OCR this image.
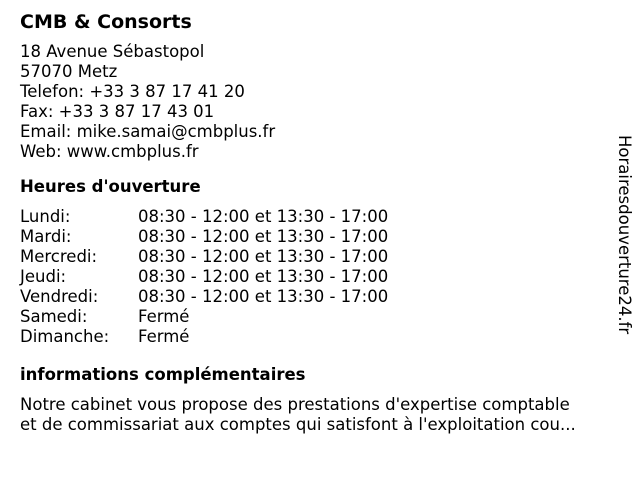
CMB & Consorts
18 Avenue Sébastopol
57070 Metz
Telefon: +33 3 87 17 41 20
Fax: +33 3 87 17 43 01
Email: mike.samai@cmbplus.fr
Web: www.cmbplus.fr
Heures d'ouverture
Lundi:	08:30 - 12:00 et 13:30 - 17:00
Mardi:	08:30 - 12:00 et 13:30 - 17:00
Mercredi:	08:30 - 12:00 et 13:30 - 17:00
Jeudi:	08:30 - 12:00 et 13:30 - 17:00
Vendredi:	08:30 - 12:00 et 13:30 - 17:00
Samedi:	Fermé
Dimanche:	Fermé
informations complémentaires
Notre cabinet vous propose des prestations d'expertise comptable
et de commissariat aux comptes qui satisfont à l'exploitation cou...
Horairesdouverture24.fr
